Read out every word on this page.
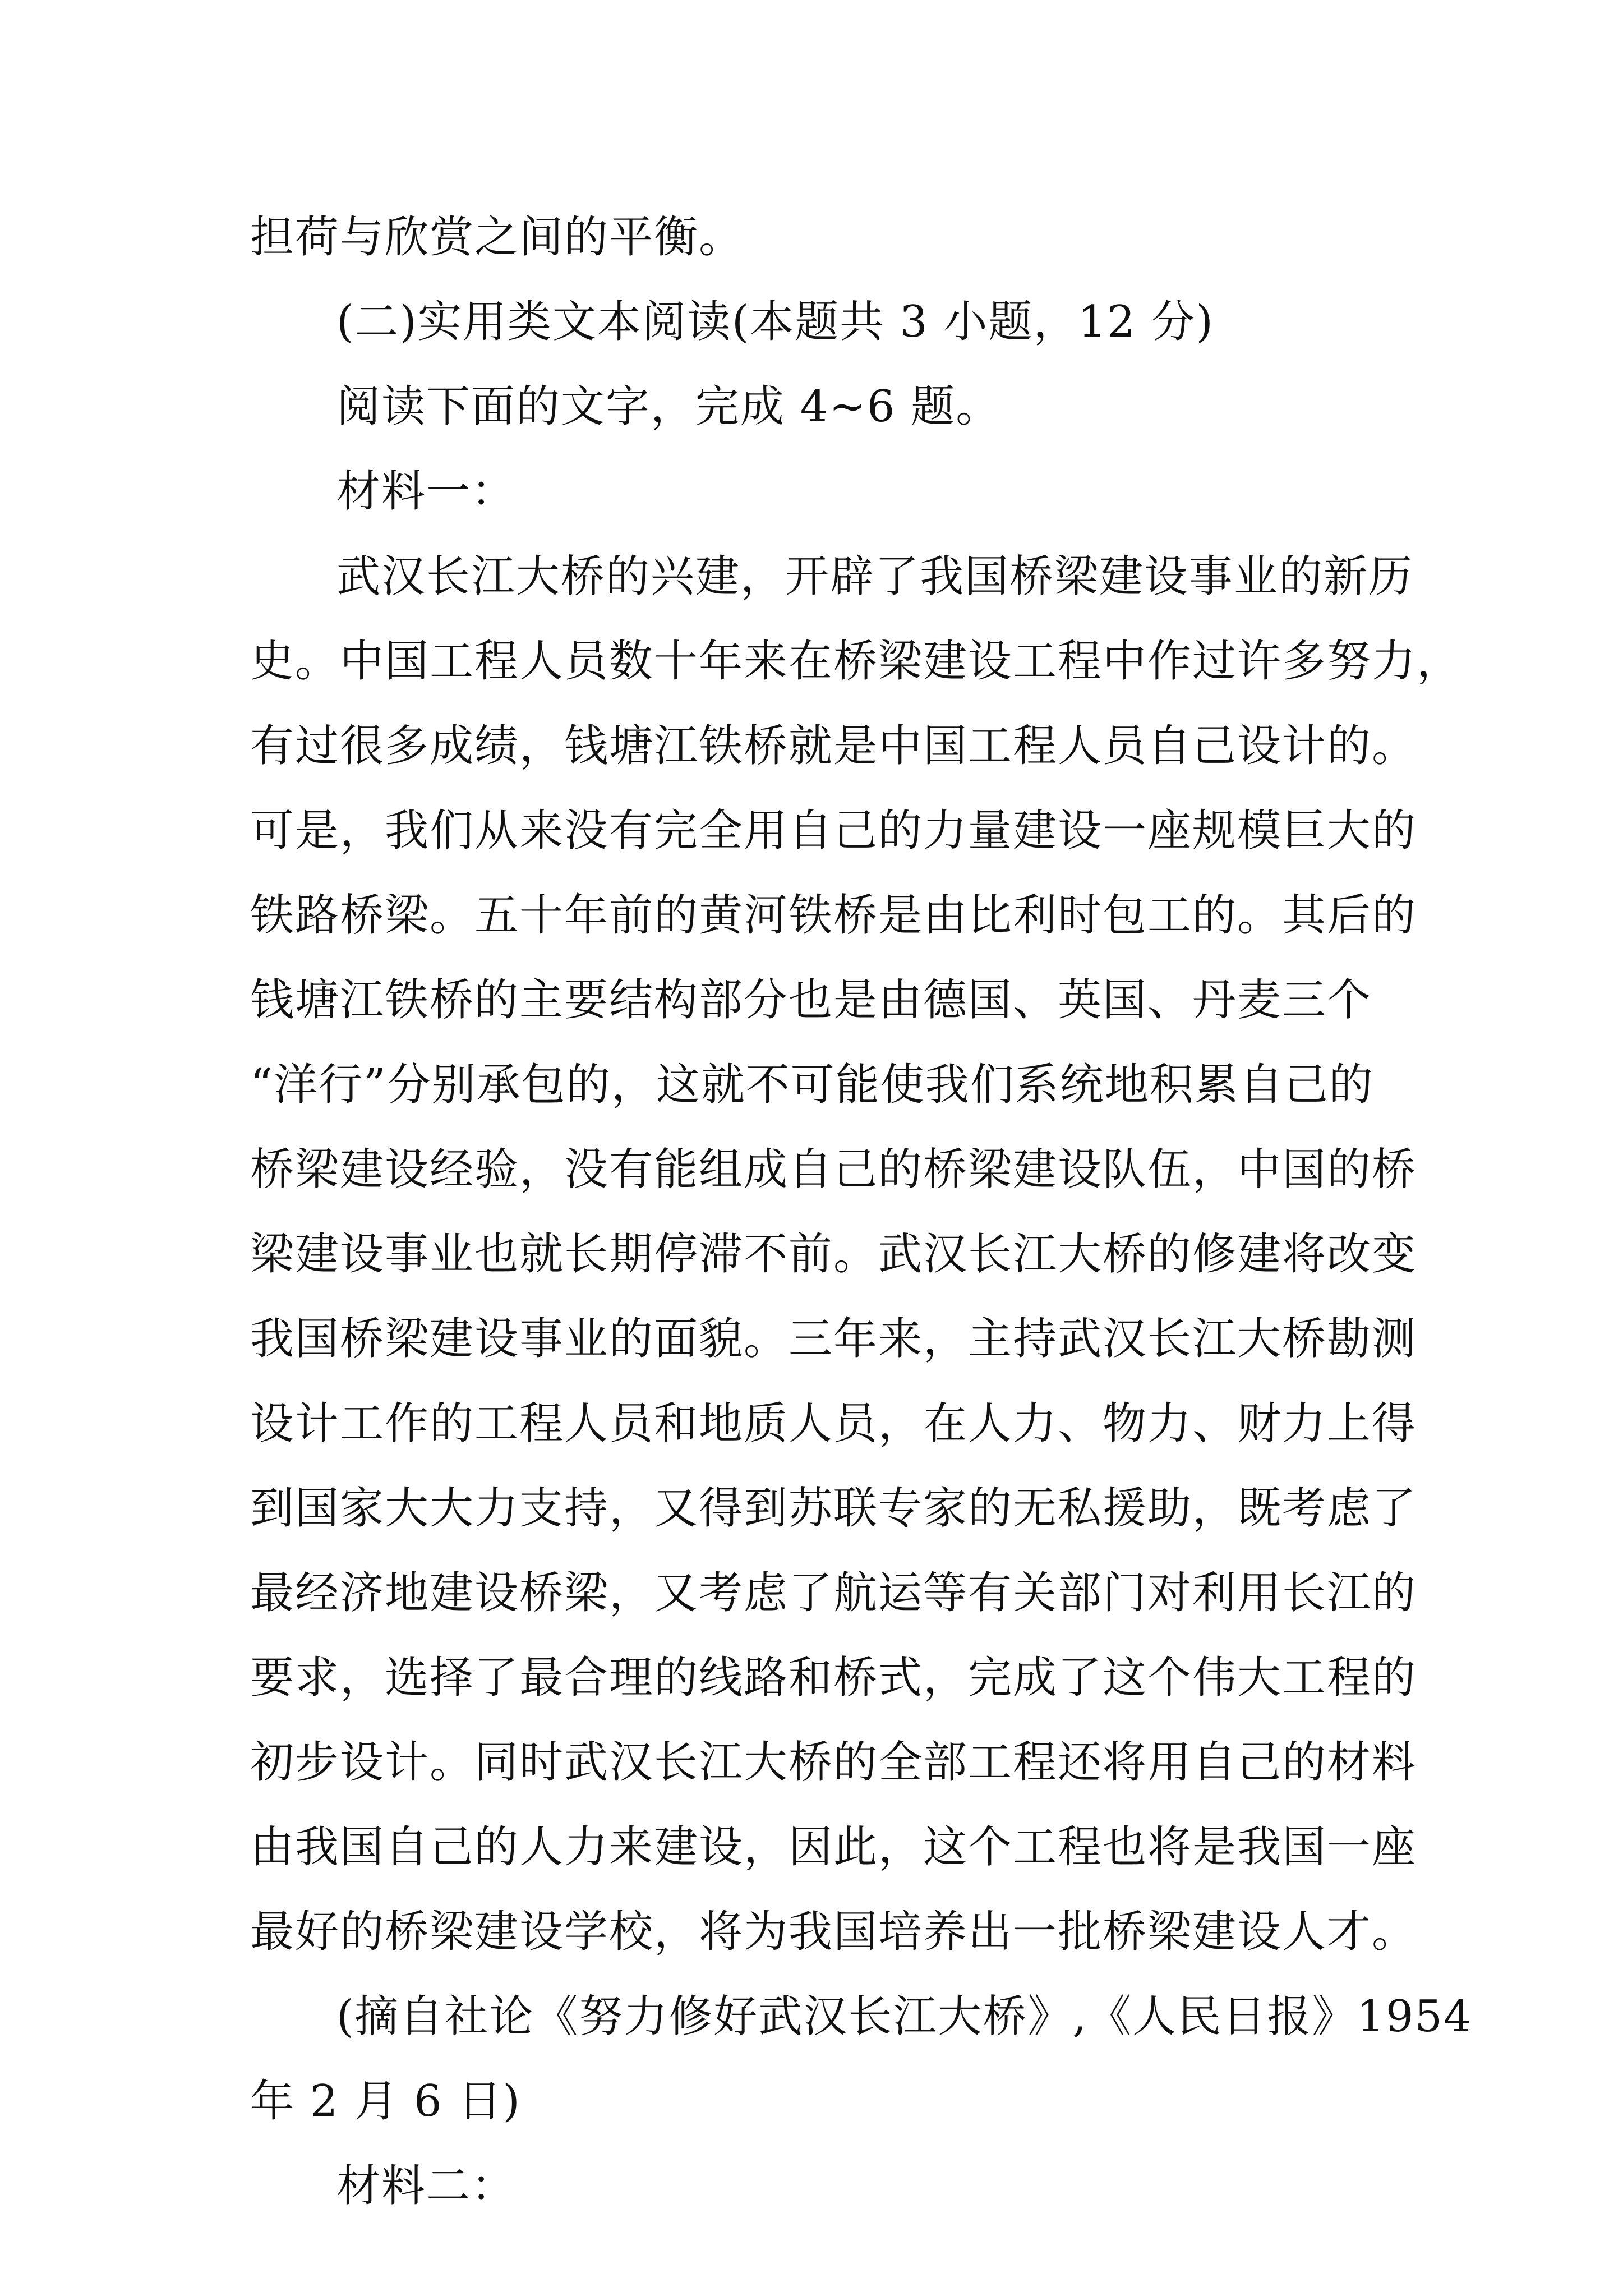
担荷与欣赏之间的平衡。
(二)实用类文本阅读(本题共 3 小题，12 分)
阅读下面的文字，完成 4~6 题。
材料一：
武汉长江大桥的兴建，开辟了我国桥梁建设事业的新历
史。中国工程人员数十年来在桥梁建设工程中作过许多努力，
有过很多成绩，钱塘江铁桥就是中国工程人员自己设计的。
可是，我们从来没有完全用自己的力量建设一座规模巨大的
铁路桥梁。五十年前的黄河铁桥是由比利时包工的。其后的
钱塘江铁桥的主要结构部分也是由德国、英国、丹麦三个
“洋行”分别承包的，这就不可能使我们系统地积累自己的
桥梁建设经验，没有能组成自己的桥梁建设队伍，中国的桥
梁建设事业也就长期停滞不前。武汉长江大桥的修建将改变
我国桥梁建设事业的面貌。三年来，主持武汉长江大桥勘测
设计工作的工程人员和地质人员，在人力、物力、财力上得
到国家大大力支持，又得到苏联专家的无私援助，既考虑了
最经济地建设桥梁，又考虑了航运等有关部门对利用长江的
要求，选择了最合理的线路和桥式，完成了这个伟大工程的
初步设计。同时武汉长江大桥的全部工程还将用自己的材料
由我国自己的人力来建设，因此，这个工程也将是我国一座
最好的桥梁建设学校，将为我国培养出一批桥梁建设人才。
(摘自社论《努力修好武汉长江大桥》,《人民日报》1954
年 2 月 6 日)
材料二：
